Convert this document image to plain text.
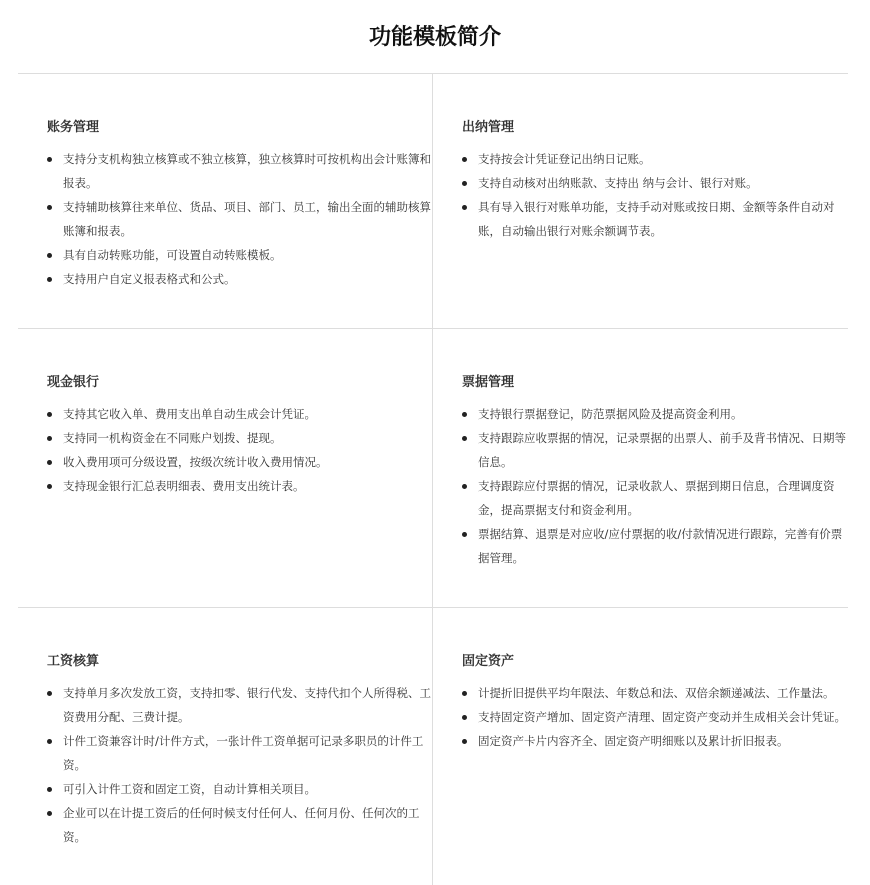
功能模板简介
账务管理
支持分支机构独立核算或不独立核算，独立核算时可按机构出会计账簿和报表。
支持辅助核算往来单位、货品、项目、部门、员工，输出全面的辅助核算账簿和报表。
具有自动转账功能，可设置自动转账模板。
支持用户自定义报表格式和公式。
出纳管理
支持按会计凭证登记出纳日记账。
支持自动核对出纳账款、支持出 纳与会计、银行对账。
具有导入银行对账单功能，支持手动对账或按日期、金额等条件自动对账，自动输出银行对账余额调节表。
现金银行
支持其它收入单、费用支出单自动生成会计凭证。
支持同一机构资金在不同账户划拨、提现。
收入费用项可分级设置，按级次统计收入费用情况。
支持现金银行汇总表明细表、费用支出统计表。
票据管理
支持银行票据登记，防范票据风险及提高资金利用。
支持跟踪应收票据的情况，记录票据的出票人、前手及背书情况、日期等信息。
支持跟踪应付票据的情况，记录收款人、票据到期日信息，合理调度资金，提高票据支付和资金利用。
票据结算、退票是对应收/应付票据的收/付款情况进行跟踪，完善有价票据管理。
工资核算
支持单月多次发放工资，支持扣零、银行代发、支持代扣个人所得税、工资费用分配、三费计提。
计件工资兼容计时/计件方式，一张计件工资单据可记录多职员的计件工资。
可引入计件工资和固定工资，自动计算相关项目。
企业可以在计提工资后的任何时候支付任何人、任何月份、任何次的工资。
固定资产
计提折旧提供平均年限法、年数总和法、双倍余额递减法、工作量法。
支持固定资产增加、固定资产清理、固定资产变动并生成相关会计凭证。
固定资产卡片内容齐全、固定资产明细账以及累计折旧报表。
